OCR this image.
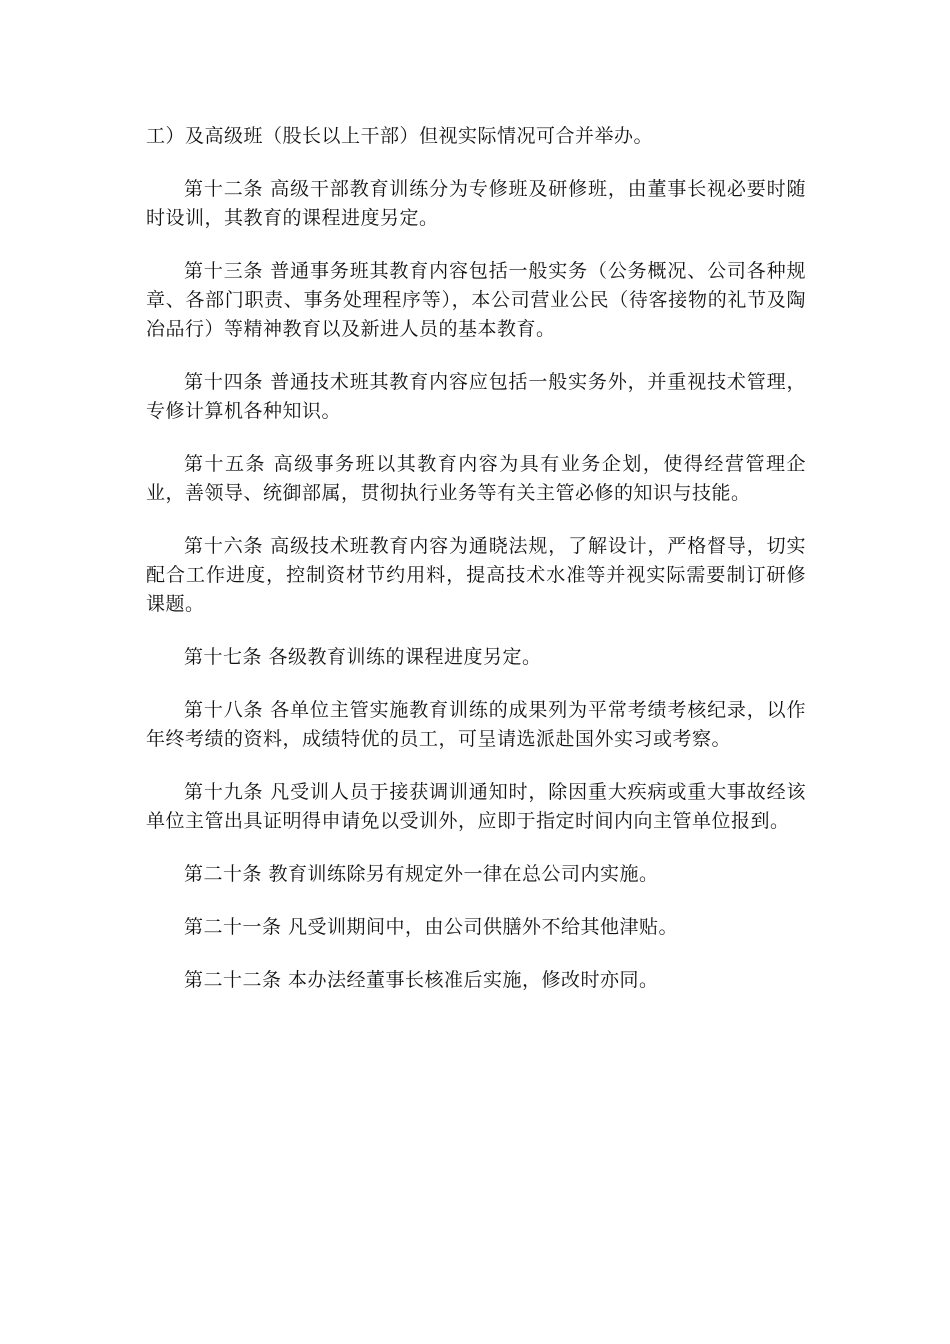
工）及高级班（股长以上干部）但视实际情况可合并举办。

第十二条 高级干部教育训练分为专修班及研修班，由董事长视必要时随时设训，其教育的课程进度另定。

第十三条 普通事务班其教育内容包括一般实务（公务概况、公司各种规章、各部门职责、事务处理程序等），本公司营业公民（待客接物的礼节及陶冶品行）等精神教育以及新进人员的基本教育。

第十四条 普通技术班其教育内容应包括一般实务外，并重视技术管理，专修计算机各种知识。

第十五条 高级事务班以其教育内容为具有业务企划，使得经营管理企业，善领导、统御部属，贯彻执行业务等有关主管必修的知识与技能。

第十六条 高级技术班教育内容为通晓法规，了解设计，严格督导，切实配合工作进度，控制资材节约用料，提高技术水准等并视实际需要制订研修课题。

第十七条 各级教育训练的课程进度另定。

第十八条 各单位主管实施教育训练的成果列为平常考绩考核纪录，以作年终考绩的资料，成绩特优的员工，可呈请选派赴国外实习或考察。

第十九条 凡受训人员于接获调训通知时，除因重大疾病或重大事故经该单位主管出具证明得申请免以受训外，应即于指定时间内向主管单位报到。

第二十条 教育训练除另有规定外一律在总公司内实施。

第二十一条 凡受训期间中，由公司供膳外不给其他津贴。

第二十二条 本办法经董事长核准后实施，修改时亦同。
